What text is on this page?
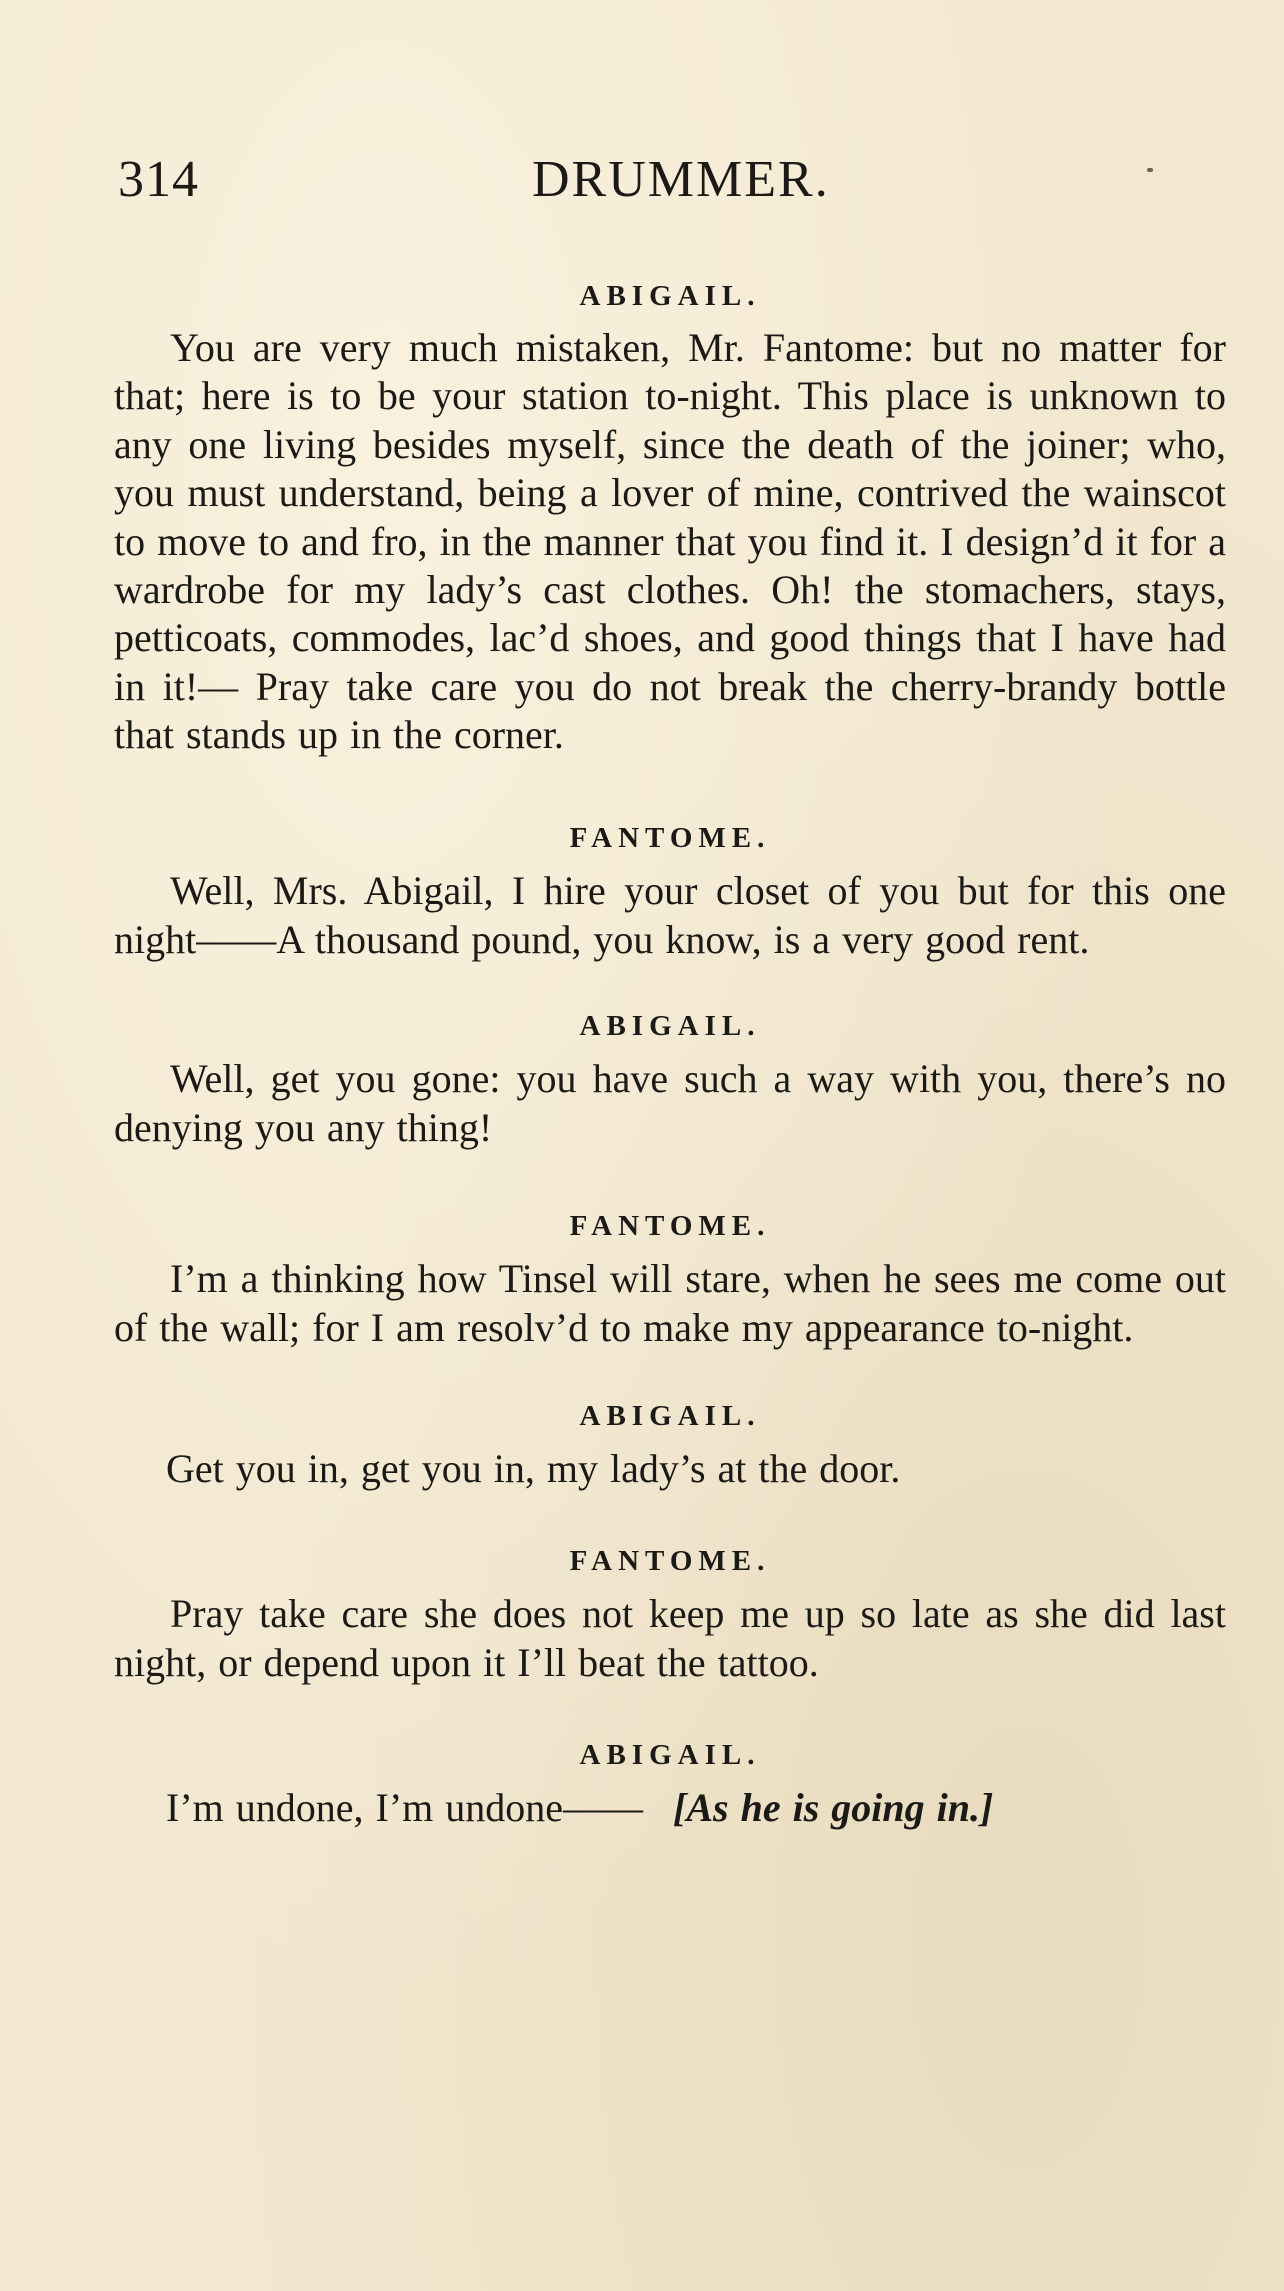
314	DRUMMER.
ABIGAIL.

You are very much mistaken, Mr. Fantome: but no matter for that; here is to be your station to-night. This place is unknown to any one living besides myself, since the death of the joiner; who, you must understand, being a lover of mine, contrived the wainscot to move to and fro, in the manner that you find it. I design’d it for a wardrobe for my lady’s cast clothes. Oh! the stomachers, stays, petticoats, commodes, lac’d shoes, and good things that I have had in it!— Pray take care you do not break the cherry-brandy bottle that stands up in the corner.

FANTOME.

Well, Mrs. Abigail, I hire your closet of you but for this one night——A thousand pound, you know, is a very good rent.

ABIGAIL.

Well, get you gone: you have such a way with you, there’s no denying you any thing!

FANTOME.

I’m a thinking how Tinsel will stare, when he sees me come out of the wall; for I am resolv’d to make my appearance to-night.

ABIGAIL.

Get you in, get you in, my lady’s at the door.

FANTOME.

Pray take care she does not keep me up so late as she did last night, or depend upon it I’ll beat the tattoo.

ABIGAIL.

I’m undone, I’m undone—— [As he is going in.]
